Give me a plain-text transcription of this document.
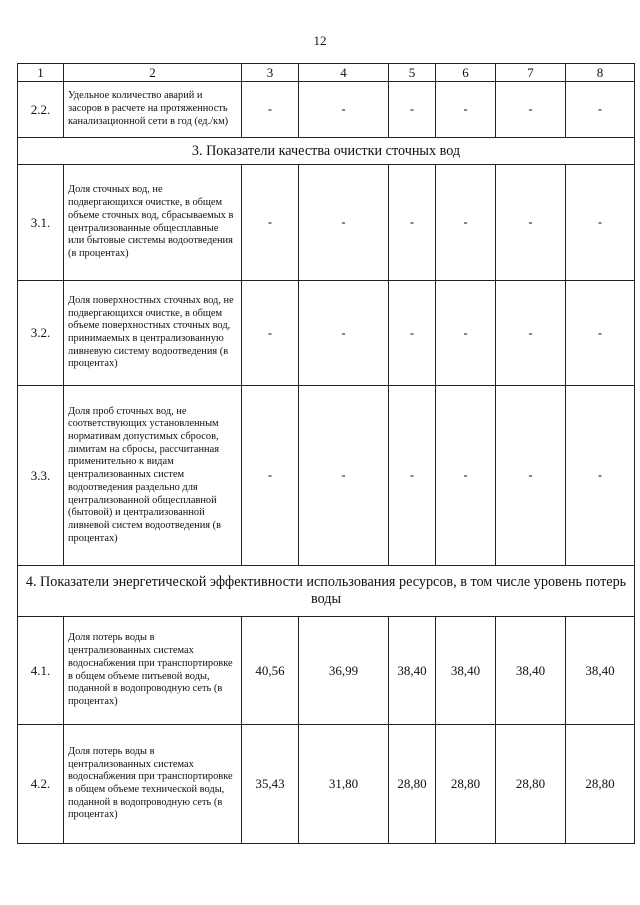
12
1	2	3	4	5	6	7	8
2.2.	Удельное количество аварий и засоров в расчете на протяженность канализационной сети в год (ед./км)	-	-	-	-	-	-
3. Показатели качества очистки сточных вод							
3.1.	Доля сточных вод, не подвергающихся очистке, в общем объеме сточных вод, сбрасываемых в централизованные общесплавные или бытовые системы водоотведения (в процентах)	-	-	-	-	-	-
3.2.	Доля поверхностных сточных вод, не подвергающихся очистке, в общем объеме поверхностных сточных вод, принимаемых в централизованную ливневую систему водоотведения (в процентах)	-	-	-	-	-	-
3.3.	Доля проб сточных вод, не соответствующих установленным нормативам допустимых сбросов, лимитам на сбросы, рассчитанная применительно к видам централизованных систем водоотведения раздельно для централизованной общесплавной (бытовой) и централизованной ливневой систем водоотведения (в процентах)	-	-	-	-	-	-
4. Показатели энергетической эффективности использования ресурсов, в том числе уровень потерь воды							
4.1.	Доля потерь воды в централизованных системах водоснабжения при транспортировке в общем объеме питьевой воды, поданной в водопроводную сеть (в процентах)	40,56	36,99	38,40	38,40	38,40	38,40
4.2.	Доля потерь воды в централизованных системах водоснабжения при транспортировке в общем объеме технической воды, поданной в водопроводную сеть (в процентах)	35,43	31,80	28,80	28,80	28,80	28,80
